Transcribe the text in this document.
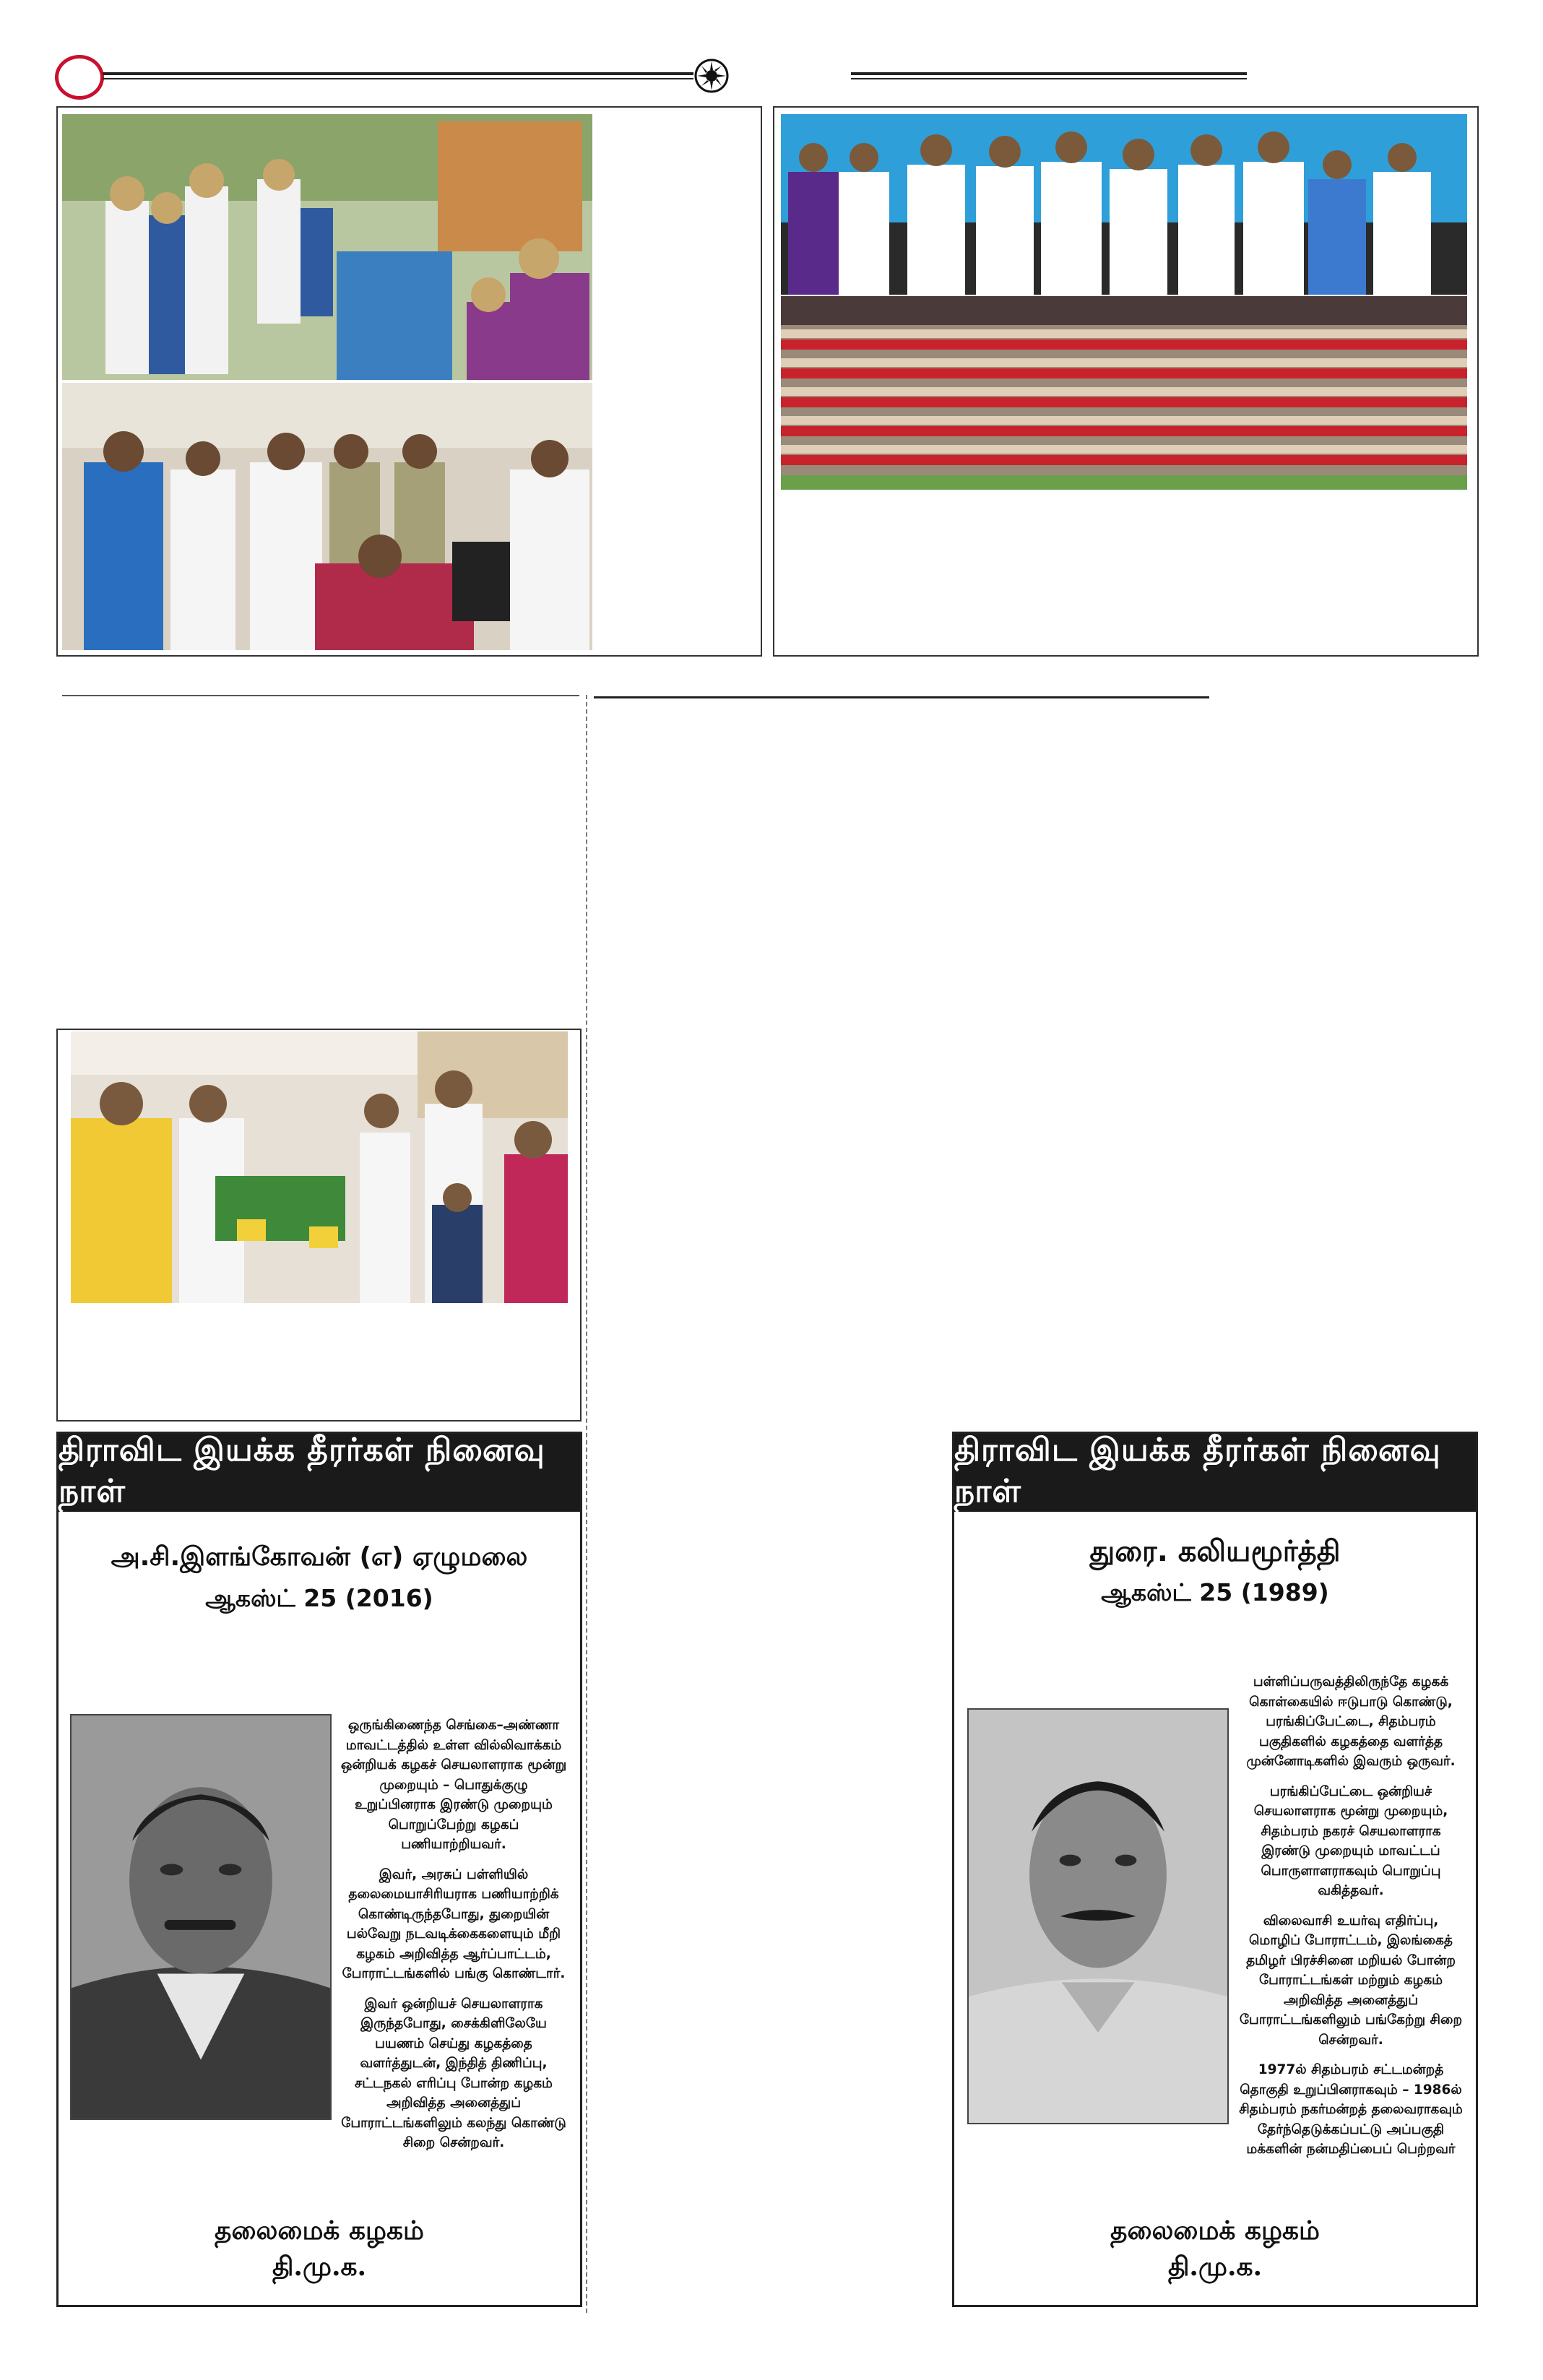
திராவிட இயக்க தீரர்கள் நினைவு நாள்
அ.சி.இளங்கோவன் (எ) ஏழுமலை
ஆகஸ்ட் 25 (2016)

ஒருங்கிணைந்த செங்கை–அண்ணா மாவட்டத்தில் உள்ள வில்லிவாக்கம் ஒன்றியக் கழகச் செயலாளராக மூன்று முறையும் – பொதுக்குழு உறுப்பினராக இரண்டு முறையும் பொறுப்பேற்று கழகப் பணியாற்றியவர்.

இவர், அரசுப் பள்ளியில் தலைமையாசிரியராக பணியாற்றிக் கொண்டிருந்தபோது, துறையின் பல்வேறு நடவடிக்கைகளையும் மீறி கழகம் அறிவித்த ஆர்ப்பாட்டம், போராட்டங்களில் பங்கு கொண்டார்.

இவர் ஒன்றியச் செயலாளராக இருந்தபோது, சைக்கிளிலேயே பயணம் செய்து கழகத்தை வளர்த்துடன், இந்தித் திணிப்பு, சட்டநகல் எரிப்பு போன்ற கழகம் அறிவித்த அனைத்துப் போராட்டங்களிலும் கலந்து கொண்டு சிறை சென்றவர்.

தலைமைக் கழகம்
தி.மு.க.
திராவிட இயக்க தீரர்கள் நினைவு நாள்
துரை. கலியமூர்த்தி
ஆகஸ்ட் 25 (1989)

பள்ளிப்பருவத்திலிருந்தே கழகக் கொள்கையில் ஈடுபாடு கொண்டு, பரங்கிப்பேட்டை, சிதம்பரம் பகுதிகளில் கழகத்தை வளர்த்த முன்னோடிகளில் இவரும் ஒருவர்.

பரங்கிப்பேட்டை ஒன்றியச் செயலாளராக மூன்று முறையும், சிதம்பரம் நகரச் செயலாளராக இரண்டு முறையும் மாவட்டப் பொருளாளராகவும் பொறுப்பு வகித்தவர்.

விலைவாசி உயர்வு எதிர்ப்பு, மொழிப் போராட்டம், இலங்கைத் தமிழர் பிரச்சினை மறியல் போன்ற போராட்டங்கள் மற்றும் கழகம் அறிவித்த அனைத்துப் போராட்டங்களிலும் பங்கேற்று சிறை சென்றவர்.

1977ல் சிதம்பரம் சட்டமன்றத் தொகுதி உறுப்பினராகவும் – 1986ல் சிதம்பரம் நகர்மன்றத் தலைவராகவும் தேர்ந்தெடுக்கப்பட்டு அப்பகுதி மக்களின் நன்மதிப்பைப் பெற்றவர்

தலைமைக் கழகம்
தி.மு.க.
